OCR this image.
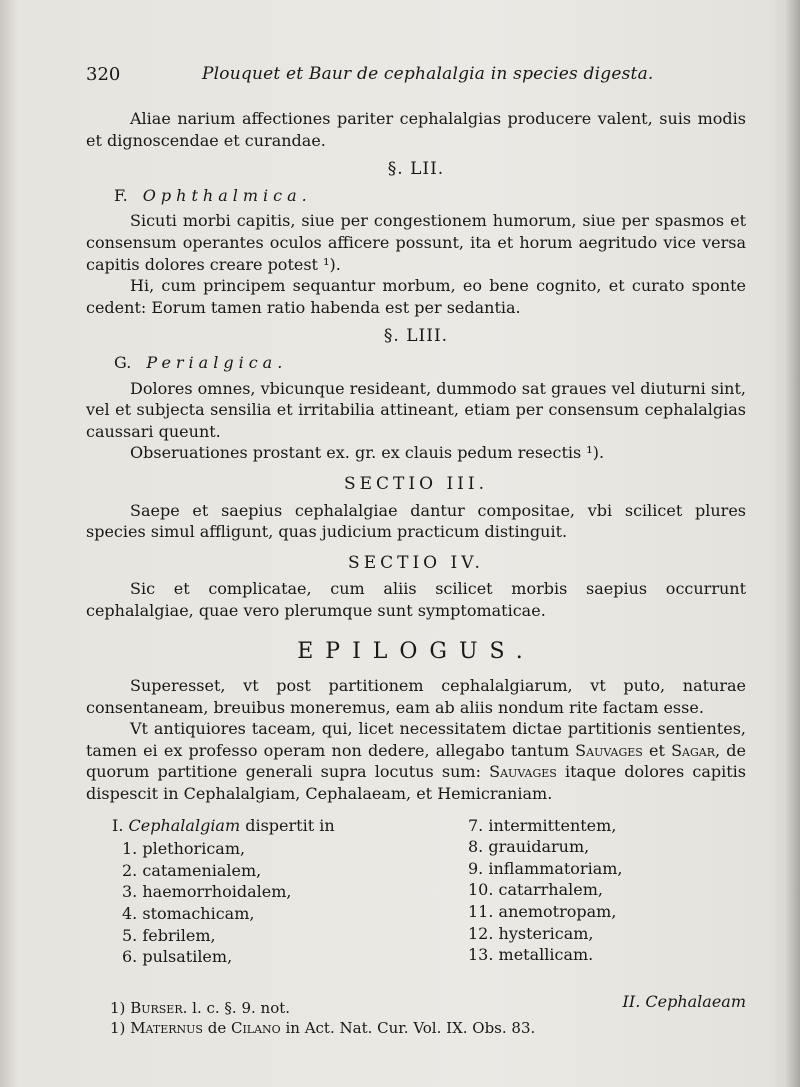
320	Plouquet et Baur de cephalalgia in species digesta.

Aliae narium affectiones pariter cephalalgias producere valent, suis modis et dignoscendae et curandae.

§. LII.
F. Ophthalmica.

Sicuti morbi capitis, siue per congestionem humorum, siue per spasmos et consensum operantes oculos afficere possunt, ita et horum aegritudo vice versa capitis dolores creare potest ¹).

Hi, cum principem sequantur morbum, eo bene cognito, et curato sponte cedent: Eorum tamen ratio habenda est per sedantia.

§. LIII.
G. Perialgica.

Dolores omnes, vbicunque resideant, dummodo sat graues vel diuturni sint, vel et subjecta sensilia et irritabilia attineant, etiam per consensum cephalalgias caussari queunt.

Obseruationes prostant ex. gr. ex clauis pedum resectis ¹).

SECTIO III.

Saepe et saepius cephalalgiae dantur compositae, vbi scilicet plures species simul affligunt, quas judicium practicum distinguit.

SECTIO IV.

Sic et complicatae, cum aliis scilicet morbis saepius occurrunt cephalalgiae, quae vero plerumque sunt symptomaticae.

EPILOGUS.

Superesset, vt post partitionem cephalalgiarum, vt puto, naturae consentaneam, breuibus moneremus, eam ab aliis nondum rite factam esse.

Vt antiquiores taceam, qui, licet necessitatem dictae partitionis sentientes, tamen ei ex professo operam non dedere, allegabo tantum Sauvages et Sagar, de quorum partitione generali supra locutus sum: Sauvages itaque dolores capitis dispescit in Cephalalgiam, Cephalaeam, et Hemicraniam.

I. Cephalalgiam dispertit in
1. plethoricam,
2. catamenialem,
3. haemorrhoidalem,
4. stomachicam,
5. febrilem,
6. pulsatilem,
7. intermittentem,
8. grauidarum,
9. inflammatoriam,
10. catarrhalem,
11. anemotropam,
12. hystericam,
13. metallicam.
II. Cephalaeam
1) Burser. l. c. §. 9. not.
1) Maternus de Cilano in Act. Nat. Cur. Vol. IX. Obs. 83.
